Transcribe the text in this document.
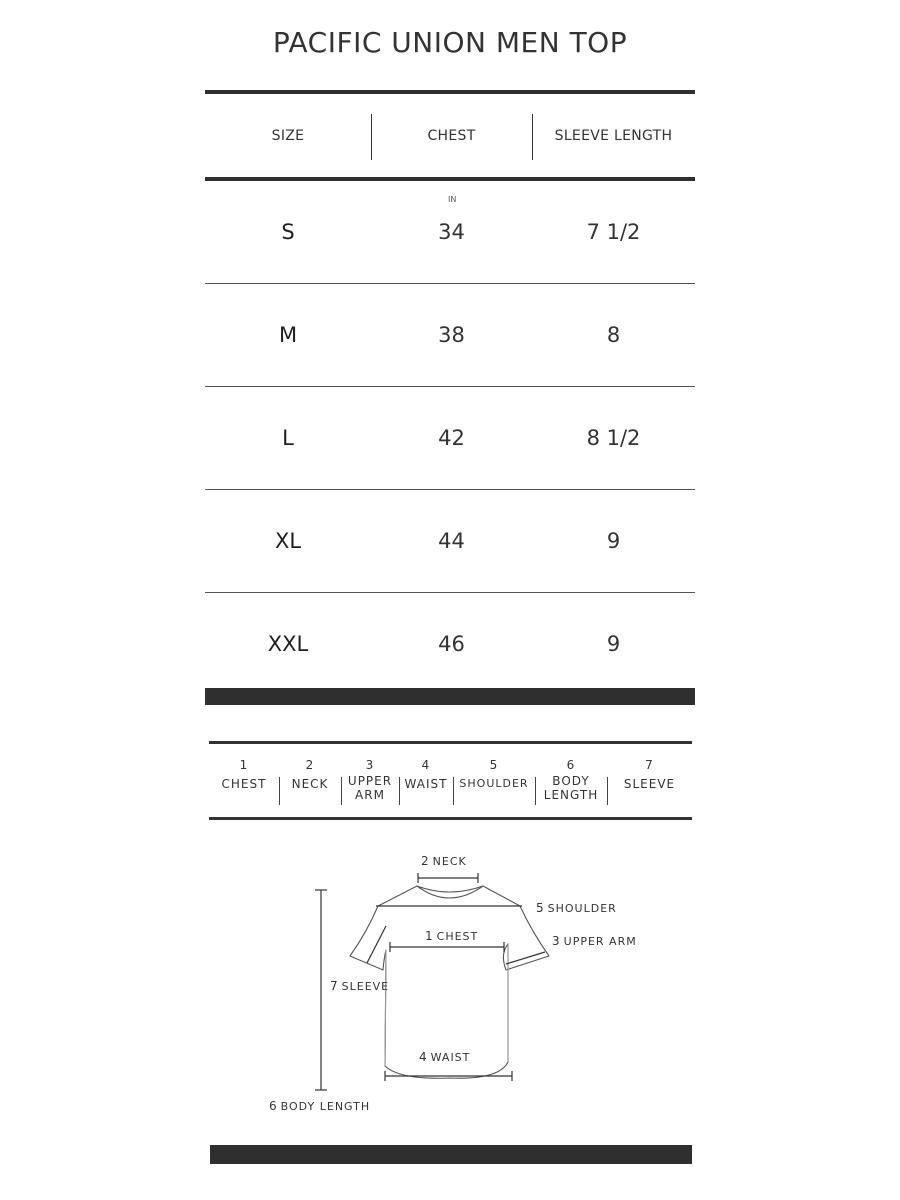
PACIFIC UNION MEN TOP
SIZE	CHEST	SLEEVE LENGTH
IN
S	34	7 1/2
M	38	8
L	42	8 1/2
XL	44	9
XXL	46	9
1
CHEST
2
NECK
3
UPPER ARM
4
WAIST
5
SHOULDER
6
BODY LENGTH
7
SLEEVE
2 NECK
5 SHOULDER
1 CHEST	3 UPPER ARM
7 SLEEVE
4 WAIST
6 BODY LENGTH
